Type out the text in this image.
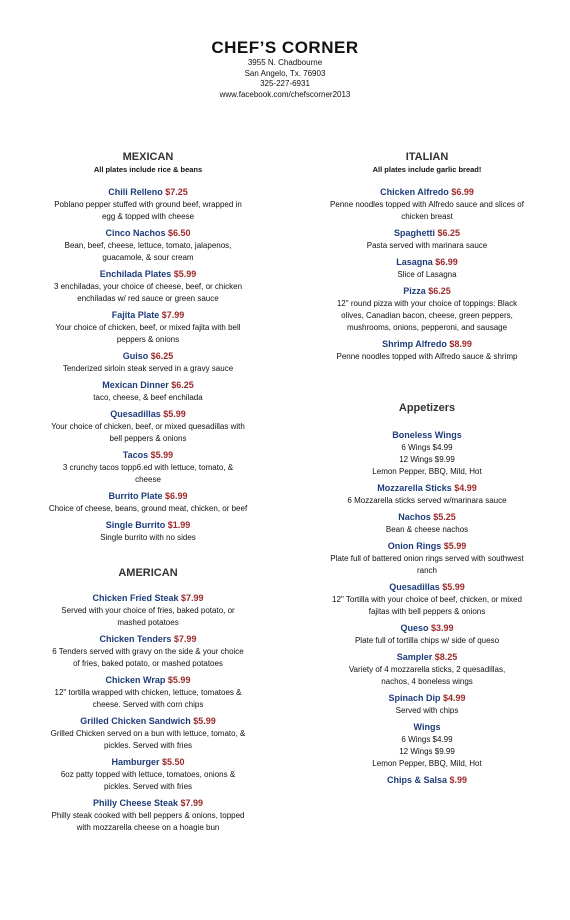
CHEF’S CORNER

3955 N. Chadbourne

San Angelo, Tx. 76903

325-227-6931

www.facebook.com/chefscorner2013

MEXICAN

All plates include rice & beans

Chili Relleno $7.25

Poblano pepper stuffed with ground beef, wrapped in
egg & topped with cheese

Cinco Nachos $6.50

Bean, beef, cheese, lettuce, tomato, jalapenos,
guacamole, & sour cream

Enchilada Plates $5.99

3 enchiladas, your choice of cheese, beef, or chicken
enchiladas w/ red sauce or green sauce

Fajita Plate $7.99

Your choice of chicken, beef, or mixed fajita with bell
peppers & onions

Guiso $6.25

Tenderized sirloin steak served in a gravy sauce

Mexican Dinner $6.25

taco, cheese, & beef enchilada

Quesadillas $5.99

Your choice of chicken, beef, or mixed quesadillas with
bell peppers & onions

Tacos $5.99

3 crunchy tacos topp6.ed with lettuce, tomato, &
cheese

Burrito Plate $6.99

Choice of cheese, beans, ground meat, chicken, or beef

Single Burrito $1.99

Single burrito with no sides

AMERICAN

Chicken Fried Steak $7.99

Served with your choice of fries, baked potato, or
mashed potatoes

Chicken Tenders $7.99

6 Tenders served with gravy on the side & your choice
of fries, baked potato, or mashed potatoes

Chicken Wrap $5.99

12" tortilla wrapped with chicken, lettuce, tomatoes &
cheese. Served with corn chips

Grilled Chicken Sandwich $5.99

Grilled Chicken served on a bun with lettuce, tomato, &
pickles. Served with fries

Hamburger $5.50

6oz patty topped with lettuce, tomatoes, onions &
pickles. Served with fries

Philly Cheese Steak $7.99

Philly steak cooked with bell peppers & onions, topped
with mozzarella cheese on a hoagie bun

ITALIAN

All plates include garlic bread!

Chicken Alfredo $6.99

Penne noodles topped with Alfredo sauce and slices of
chicken breast

Spaghetti $6.25

Pasta served with marinara sauce

Lasagna $6.99

Slice of Lasagna

Pizza $6.25

12" round pizza with your choice of toppings: Black
olives, Canadian bacon, cheese, green peppers,
mushrooms, onions, pepperoni, and sausage

Shrimp Alfredo $8.99

Penne noodles topped with Alfredo sauce & shrimp

Appetizers

Boneless Wings

6 Wings $4.99
12 Wings $9.99
Lemon Pepper, BBQ, Mild, Hot

Mozzarella Sticks $4.99

6 Mozzarella sticks served w/marinara sauce

Nachos $5.25

Bean & cheese nachos

Onion Rings $5.99

Plate full of battered onion rings served with southwest
ranch

Quesadillas $5.99

12" Tortilla with your choice of beef, chicken, or mixed
fajitas with bell peppers & onions

Queso $3.99

Plate full of tortilla chips w/ side of queso

Sampler $8.25

Variety of 4 mozzarella sticks, 2 quesadillas,
nachos, 4 boneless wings

Spinach Dip $4.99

Served with chips

Wings

6 Wings $4.99
12 Wings $9.99
Lemon Pepper, BBQ, Mild, Hot

Chips & Salsa $.99
